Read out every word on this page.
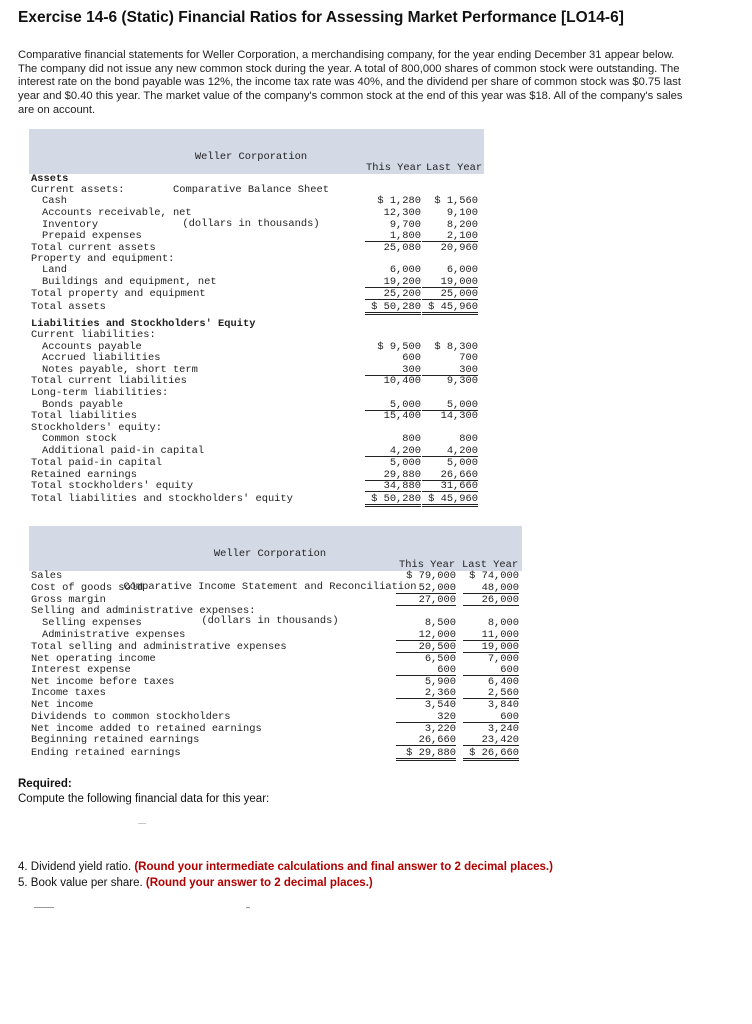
Exercise 14-6 (Static) Financial Ratios for Assessing Market Performance [LO14-6]
Comparative financial statements for Weller Corporation, a merchandising company, for the year ending December 31 appear below.
The company did not issue any new common stock during the year. A total of 800,000 shares of common stock were outstanding. The
interest rate on the bond payable was 12%, the income tax rate was 40%, and the dividend per share of common stock was $0.75 last
year and $0.40 this year. The market value of the company's common stock at the end of this year was $18. All of the company's sales
are on account.

Weller Corporation

Comparative Balance Sheet

(dollars in thousands)

This Year Last Year
Assets
Current assets:
Cash	$ 1,280	$ 1,560
Accounts receivable, net	12,300	9,100
Inventory	9,700	8,200
Prepaid expenses	1,800	2,100
Total current assets	25,080	20,960
Property and equipment:
Land	6,000	6,000
Buildings and equipment, net	19,200	19,000
Total property and equipment	25,200	25,000
Total assets	$ 50,280 $ 45,960
Liabilities and Stockholders' Equity
Current liabilities:
Accounts payable	$ 9,500	$ 8,300
Accrued liabilities	600	700
Notes payable, short term	300	300
Total current liabilities	10,400	9,300
Long-term liabilities:
Bonds payable	5,000	5,000
Total liabilities	15,400	14,300
Stockholders' equity:
Common stock	800	800
Additional paid-in capital	4,200	4,200
Total paid-in capital	5,000	5,000
Retained earnings	29,880	26,660
Total stockholders' equity	34,880	31,660
Total liabilities and stockholders' equity	$ 50,280 $ 45,960

Weller Corporation

Comparative Income Statement and Reconciliation

(dollars in thousands)

This Year Last Year
Sales	$ 79,000	$ 74,000
Cost of goods sold	52,000	48,000
Gross margin	27,000	26,000
Selling and administrative expenses:
Selling expenses	8,500	8,000
Administrative expenses	12,000	11,000
Total selling and administrative expenses	20,500	19,000
Net operating income	6,500	7,000
Interest expense	600	600
Net income before taxes	5,900	6,400
Income taxes	2,360	2,560
Net income	3,540	3,840
Dividends to common stockholders	320	600
Net income added to retained earnings	3,220	3,240
Beginning retained earnings	26,660	23,420
Ending retained earnings	$ 29,880	$ 26,660
Required:
Compute the following financial data for this year:
4. Dividend yield ratio. (Round your intermediate calculations and final answer to 2 decimal places.)
5. Book value per share. (Round your answer to 2 decimal places.)
